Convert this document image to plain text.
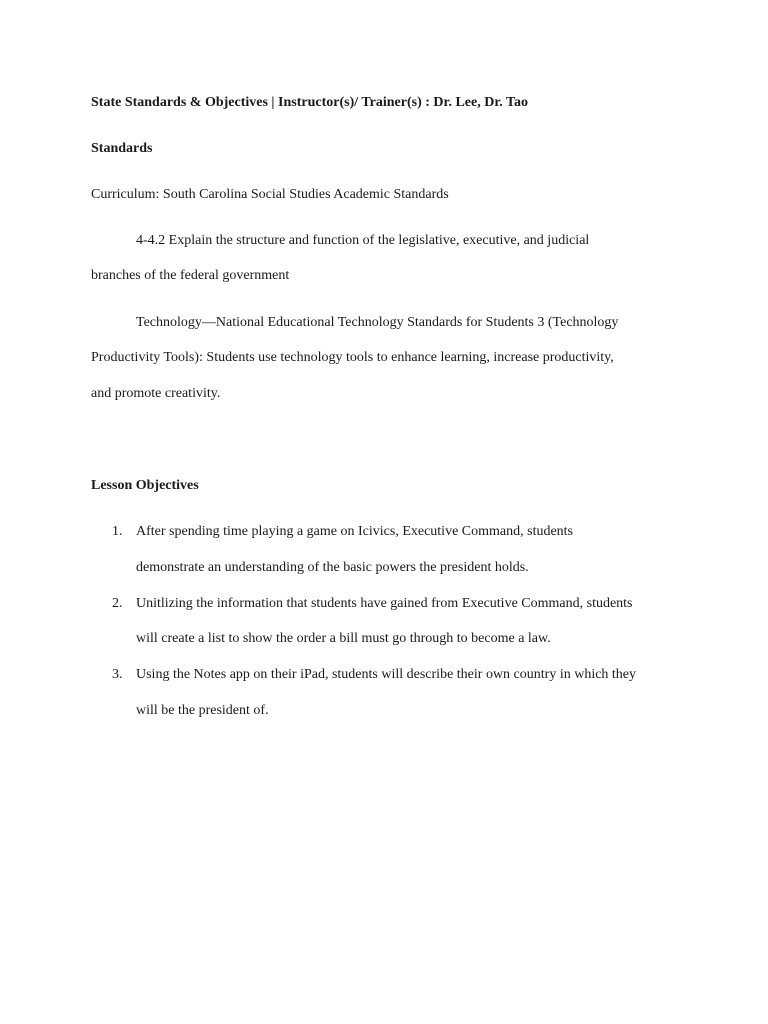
State Standards & Objectives | Instructor(s)/ Trainer(s) : Dr. Lee, Dr. Tao
Standards
Curriculum: South Carolina Social Studies Academic Standards
4-4.2 Explain the structure and function of the legislative, executive, and judicial
branches of the federal government
Technology—National Educational Technology Standards for Students 3 (Technology
Productivity Tools): Students use technology tools to enhance learning, increase productivity,
and promote creativity.
Lesson Objectives
1. After spending time playing a game on Icivics, Executive Command, students
demonstrate an understanding of the basic powers the president holds.
2. Unitlizing the information that students have gained from Executive Command, students
will create a list to show the order a bill must go through to become a law.
3. Using the Notes app on their iPad, students will describe their own country in which they
will be the president of.
